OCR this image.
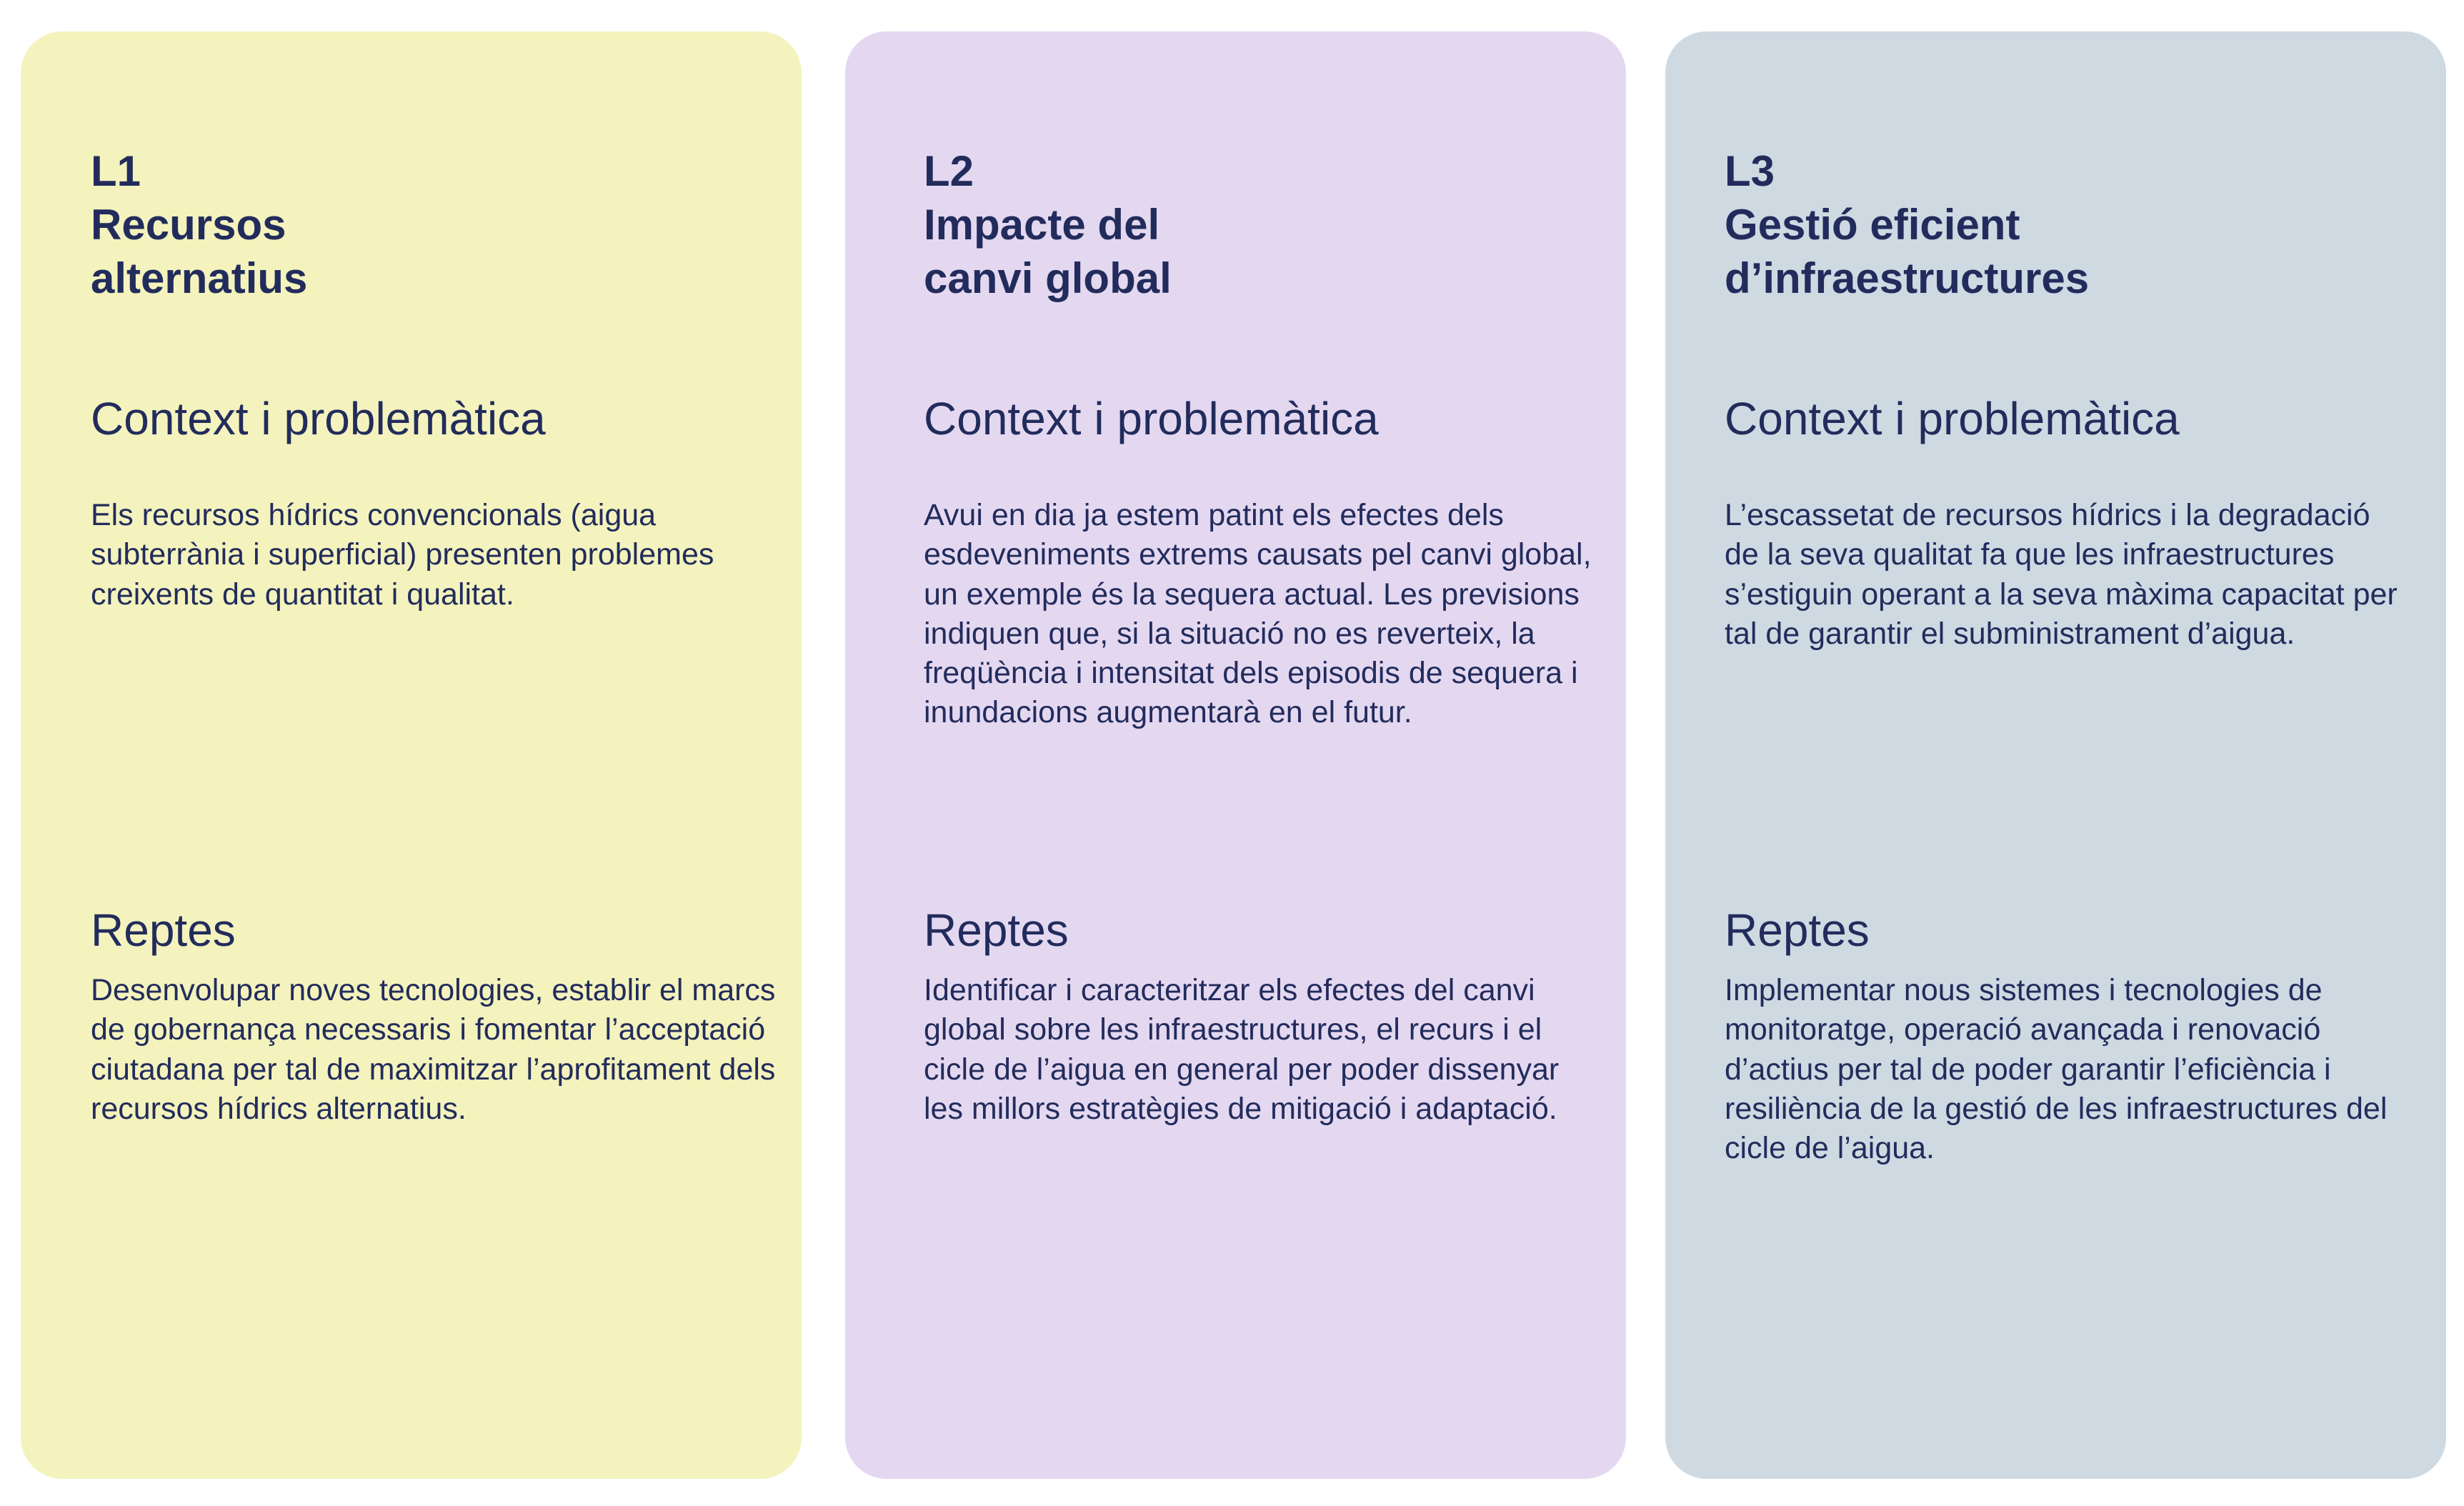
L1

Recursos
alternatius

Context i problemàtica

Els recursos hídrics convencionals (aigua subterrània i superficial) presenten problemes creixents de quantitat i qualitat.

Reptes

Desenvolupar noves tecnologies, establir el marcs de gobernança necessaris i fomentar l’acceptació ciutadana per tal de maximitzar l’aprofitament dels recursos hídrics alternatius.

L2

Impacte del
canvi global

Context i problemàtica

Avui en dia ja estem patint els efectes dels esdeveniments extrems causats pel canvi global, un exemple és la sequera actual. Les previsions indiquen que, si la situació no es reverteix, la freqüència i intensitat dels episodis de sequera i inundacions augmentarà en el futur.

Reptes

Identificar i caracteritzar els efectes del canvi global sobre les infraestructures, el recurs i el cicle de l’aigua en general per poder dissenyar les millors estratègies de mitigació i adaptació.

L3

Gestió eficient
d’infraestructures

Context i problemàtica

L’escassetat de recursos hídrics i la degradació de la seva qualitat fa que les infraestructures s’estiguin operant a la seva màxima capacitat per tal de garantir el subministrament d’aigua.

Reptes

Implementar nous sistemes i tecnologies de monitoratge, operació avançada i renovació d’actius per tal de poder garantir l’eficiència i resiliència de la gestió de les infraestructures del cicle de l’aigua.
